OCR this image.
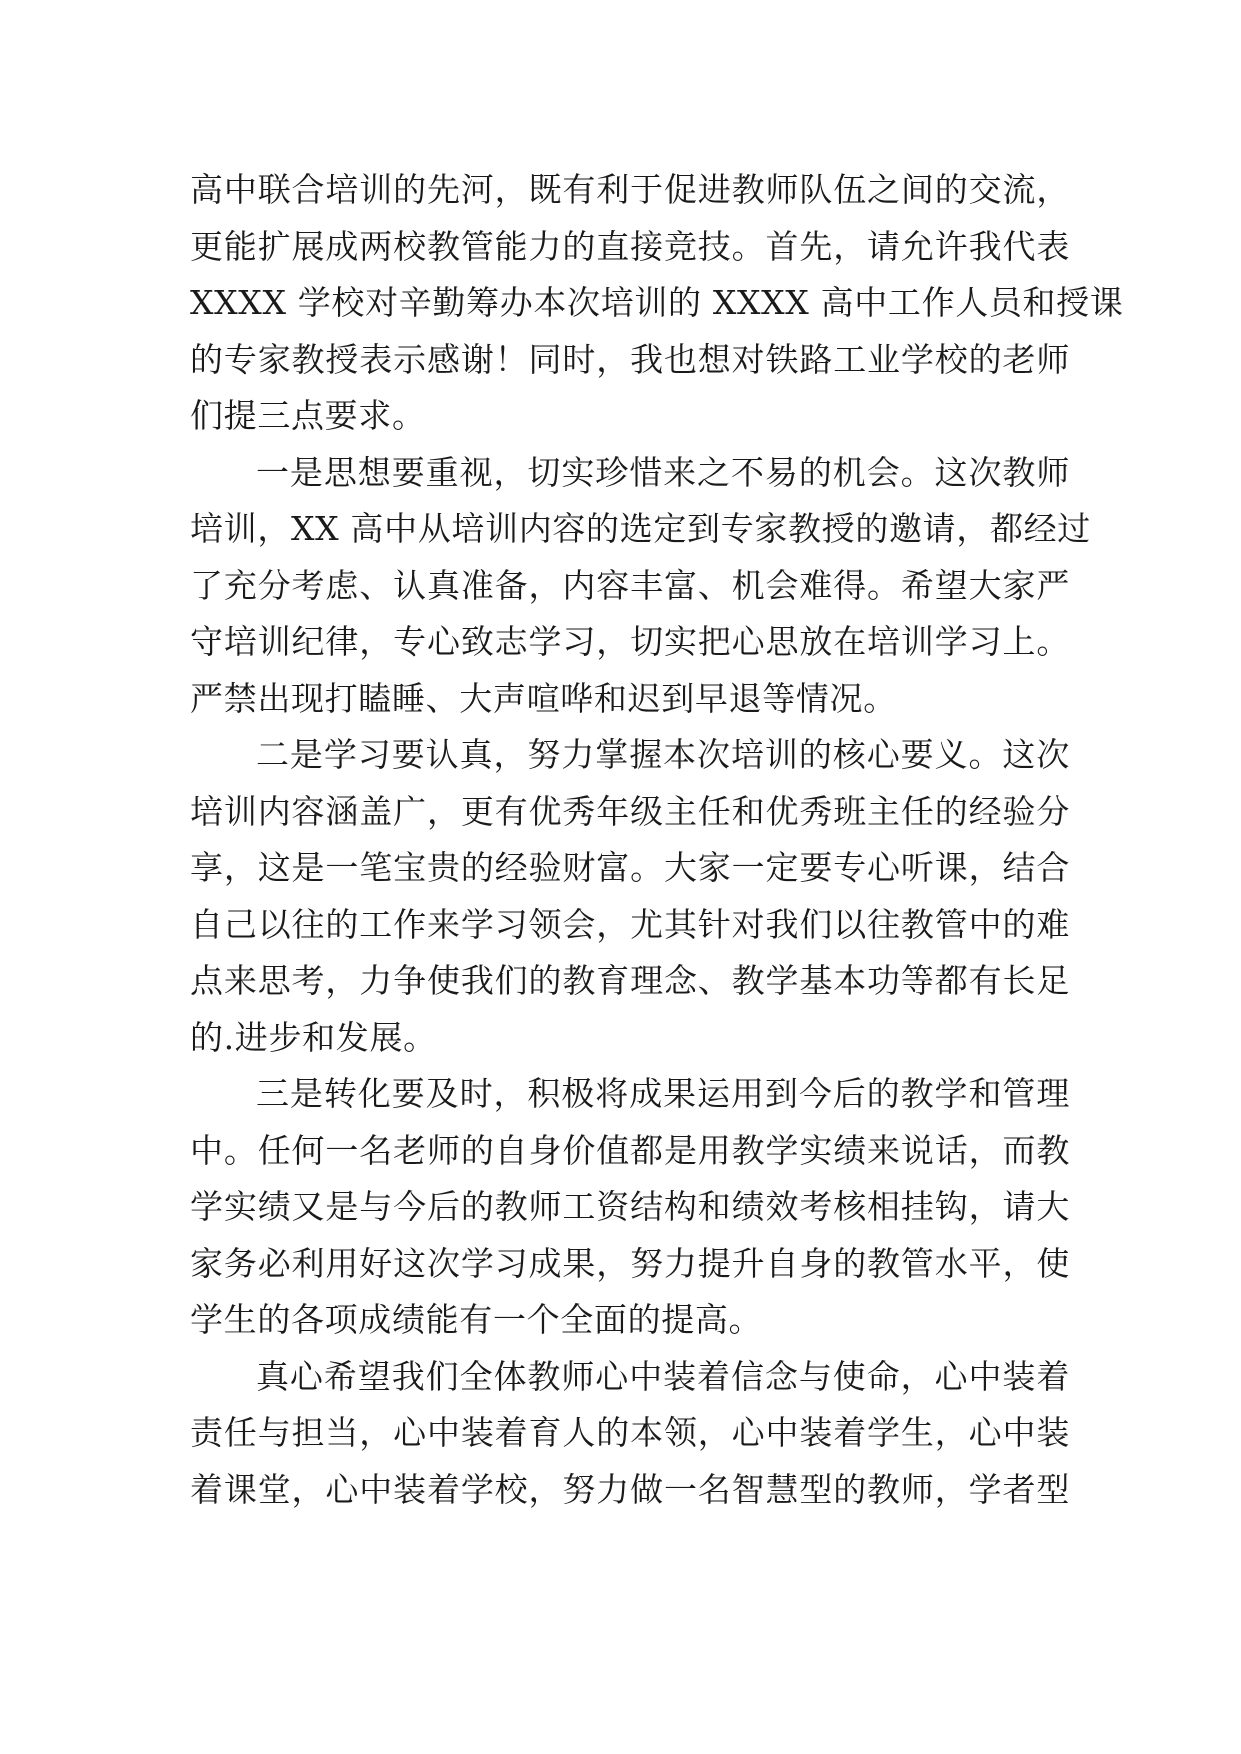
高中联合培训的先河，既有利于促进教师队伍之间的交流，
更能扩展成两校教管能力的直接竞技。首先，请允许我代表
XXXX 学校对辛勤筹办本次培训的 XXXX 高中工作人员和授课
的专家教授表示感谢！同时，我也想对铁路工业学校的老师
们提三点要求。
一是思想要重视，切实珍惜来之不易的机会。这次教师
培训，XX 高中从培训内容的选定到专家教授的邀请，都经过
了充分考虑、认真准备，内容丰富、机会难得。希望大家严
守培训纪律，专心致志学习，切实把心思放在培训学习上。
严禁出现打瞌睡、大声喧哗和迟到早退等情况。
二是学习要认真，努力掌握本次培训的核心要义。这次
培训内容涵盖广，更有优秀年级主任和优秀班主任的经验分
享，这是一笔宝贵的经验财富。大家一定要专心听课，结合
自己以往的工作来学习领会，尤其针对我们以往教管中的难
点来思考，力争使我们的教育理念、教学基本功等都有长足
的.进步和发展。
三是转化要及时，积极将成果运用到今后的教学和管理
中。任何一名老师的自身价值都是用教学实绩来说话，而教
学实绩又是与今后的教师工资结构和绩效考核相挂钩，请大
家务必利用好这次学习成果，努力提升自身的教管水平，使
学生的各项成绩能有一个全面的提高。
真心希望我们全体教师心中装着信念与使命，心中装着
责任与担当，心中装着育人的本领，心中装着学生，心中装
着课堂，心中装着学校，努力做一名智慧型的教师，学者型
